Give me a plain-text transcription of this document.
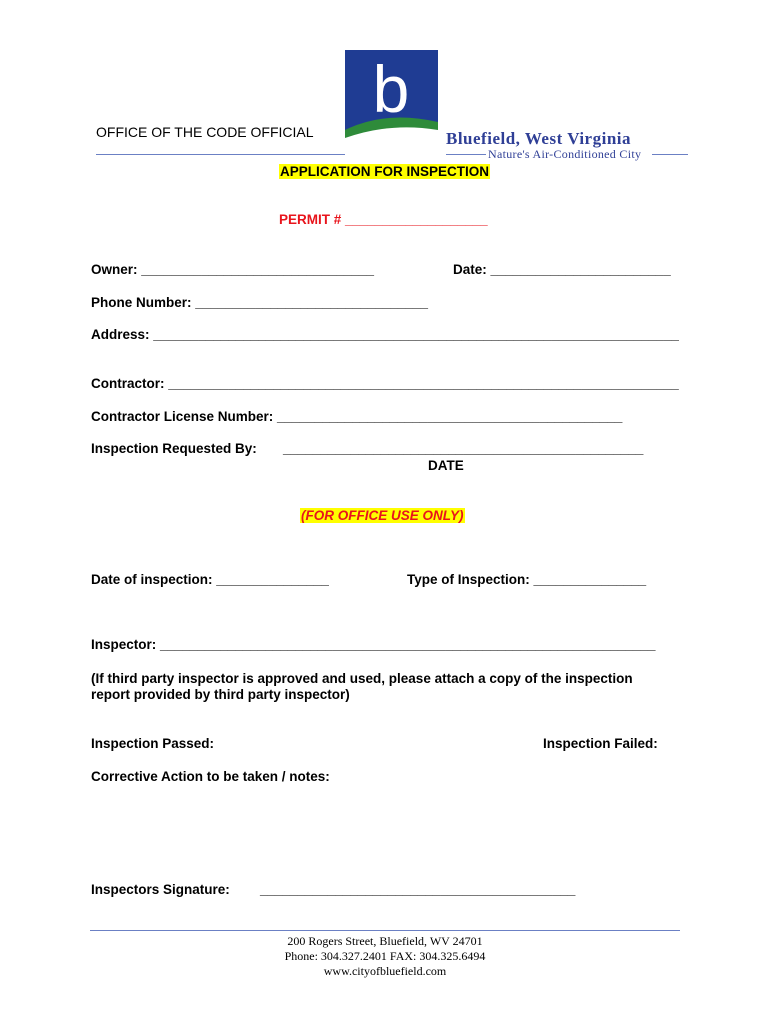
OFFICE OF THE CODE OFFICIAL
b
Bluefield, West Virginia
Nature's Air-Conditioned City
APPLICATION FOR INSPECTION
PERMIT # ___________________
Owner: _______________________________	Date: ________________________
Phone Number: _______________________________
Address: ______________________________________________________________________
Contractor: ____________________________________________________________________
Contractor License Number: ______________________________________________
Inspection Requested By: ________________________________________________
DATE
(FOR OFFICE USE ONLY)
Date of inspection: _______________	Type of Inspection: _______________
Inspector: __________________________________________________________________
(If third party inspector is approved and used, please attach a copy of the inspection
report provided by third party inspector)
Inspection Passed:	Inspection Failed:
Corrective Action to be taken / notes:
Inspectors Signature: __________________________________________
200 Rogers Street, Bluefield, WV 24701
Phone: 304.327.2401 FAX: 304.325.6494
www.cityofbluefield.com
